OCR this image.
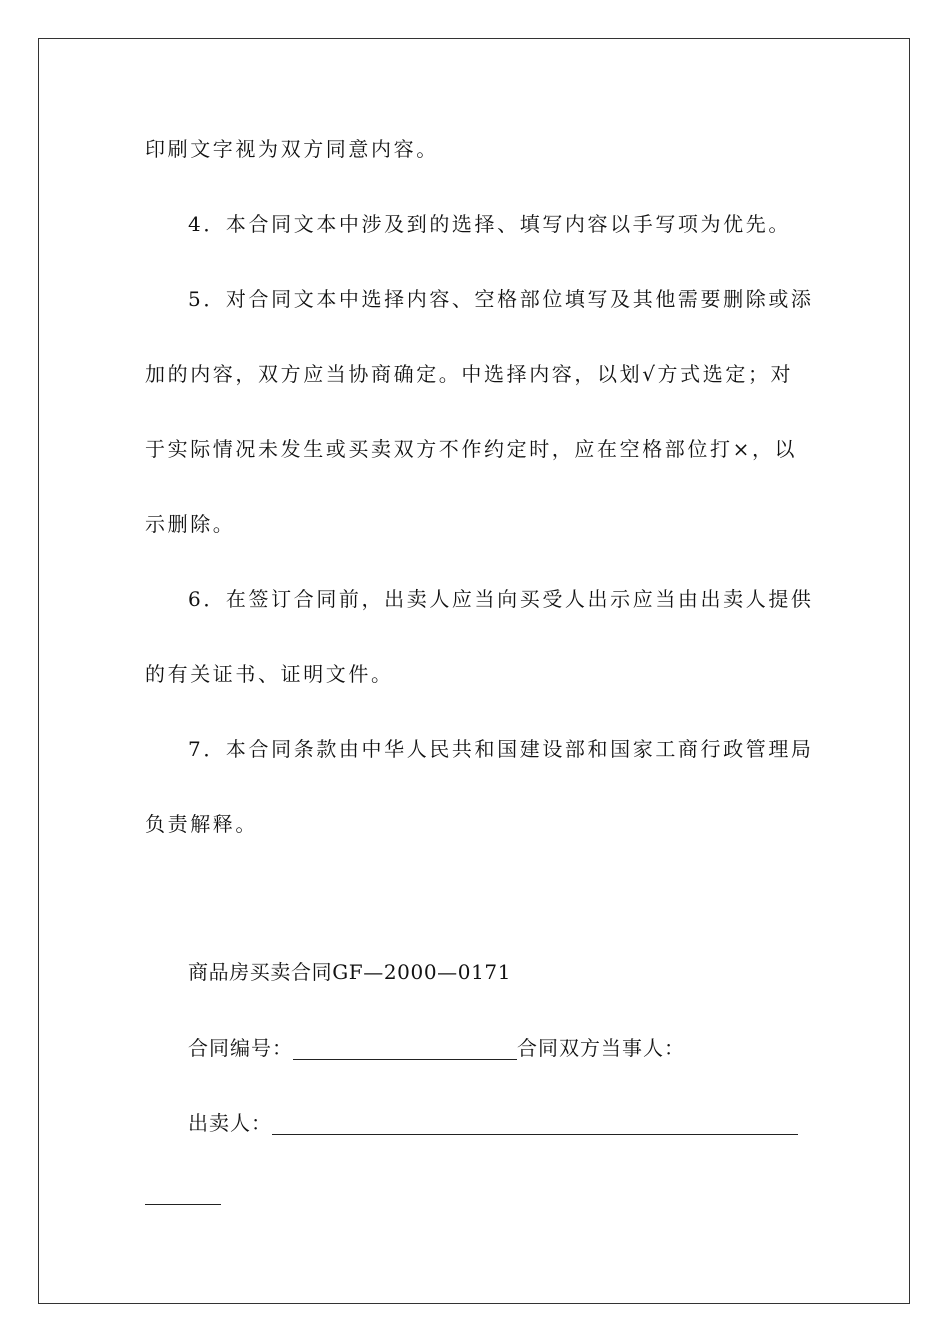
印刷文字视为双方同意内容。
4．本合同文本中涉及到的选择、填写内容以手写项为优先。
5．对合同文本中选择内容、空格部位填写及其他需要删除或添
加的内容，双方应当协商确定。中选择内容，以划√方式选定；对
于实际情况未发生或买卖双方不作约定时，应在空格部位打×，以
示删除。
6．在签订合同前，出卖人应当向买受人出示应当由出卖人提供
的有关证书、证明文件。
7．本合同条款由中华人民共和国建设部和国家工商行政管理局
负责解释。
商品房买卖合同GF—2000—0171
合同编号：	合同双方当事人：
出卖人：
